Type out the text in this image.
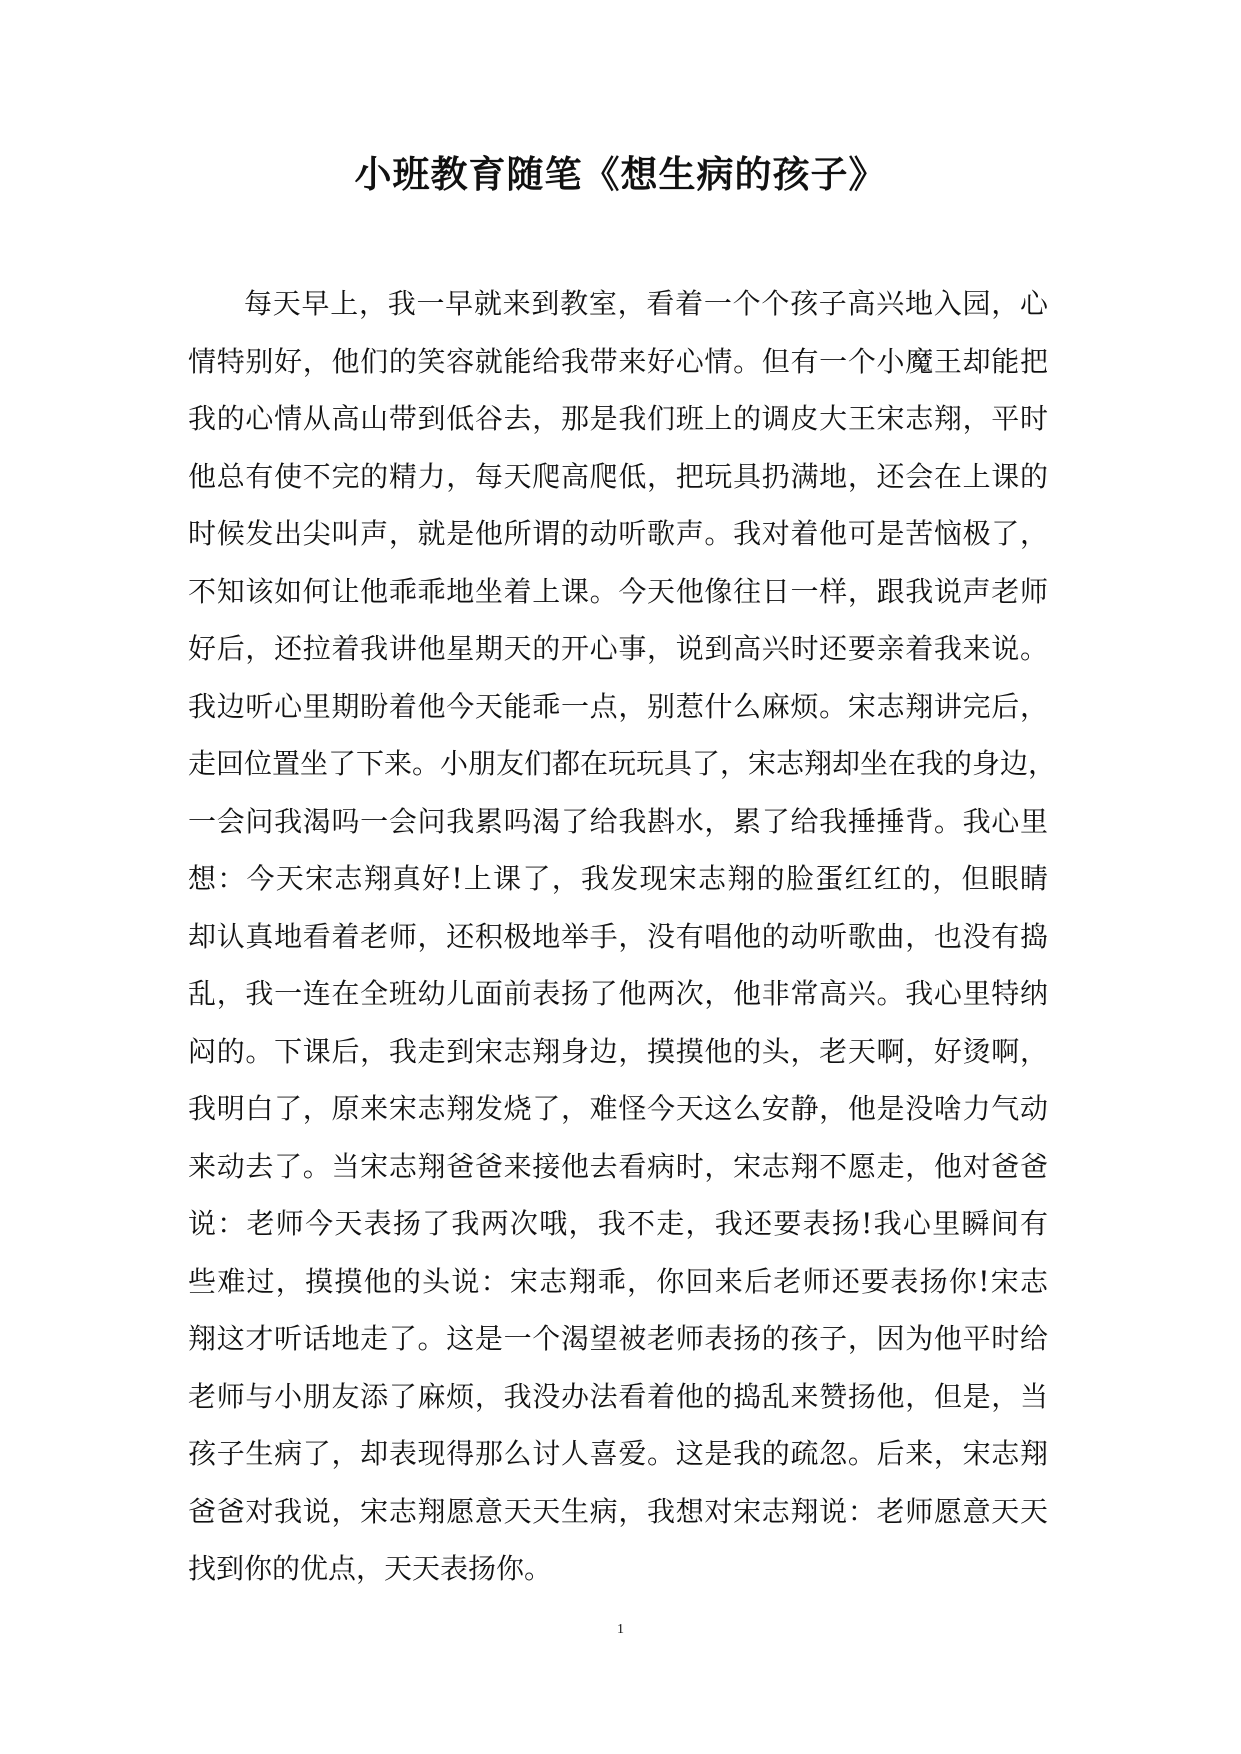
小班教育随笔《想生病的孩子》
每天早上，我一早就来到教室，看着一个个孩子高兴地入园，心
情特别好，他们的笑容就能给我带来好心情。但有一个小魔王却能把
我的心情从高山带到低谷去，那是我们班上的调皮大王宋志翔，平时
他总有使不完的精力，每天爬高爬低，把玩具扔满地，还会在上课的
时候发出尖叫声，就是他所谓的动听歌声。我对着他可是苦恼极了，
不知该如何让他乖乖地坐着上课。今天他像往日一样，跟我说声老师
好后，还拉着我讲他星期天的开心事，说到高兴时还要亲着我来说。
我边听心里期盼着他今天能乖一点，别惹什么麻烦。宋志翔讲完后，
走回位置坐了下来。小朋友们都在玩玩具了，宋志翔却坐在我的身边，
一会问我渴吗一会问我累吗渴了给我斟水，累了给我捶捶背。我心里
想：今天宋志翔真好!上课了，我发现宋志翔的脸蛋红红的，但眼睛
却认真地看着老师，还积极地举手，没有唱他的动听歌曲，也没有捣
乱，我一连在全班幼儿面前表扬了他两次，他非常高兴。我心里特纳
闷的。下课后，我走到宋志翔身边，摸摸他的头，老天啊，好烫啊，
我明白了，原来宋志翔发烧了，难怪今天这么安静，他是没啥力气动
来动去了。当宋志翔爸爸来接他去看病时，宋志翔不愿走，他对爸爸
说：老师今天表扬了我两次哦，我不走，我还要表扬!我心里瞬间有
些难过，摸摸他的头说：宋志翔乖，你回来后老师还要表扬你!宋志
翔这才听话地走了。这是一个渴望被老师表扬的孩子，因为他平时给
老师与小朋友添了麻烦，我没办法看着他的捣乱来赞扬他，但是，当
孩子生病了，却表现得那么讨人喜爱。这是我的疏忽。后来，宋志翔
爸爸对我说，宋志翔愿意天天生病，我想对宋志翔说：老师愿意天天
找到你的优点，天天表扬你。
1
